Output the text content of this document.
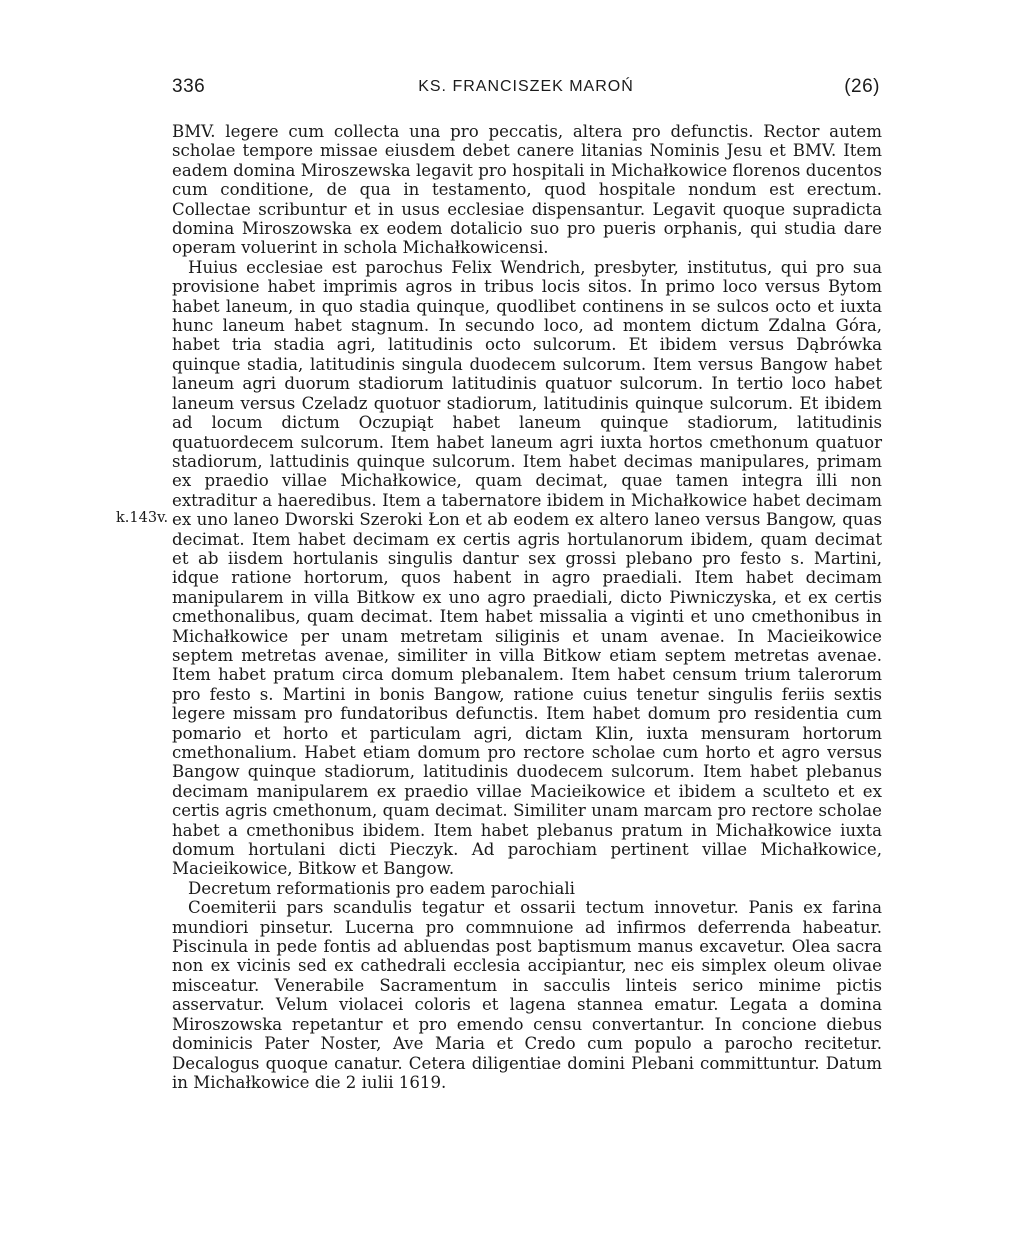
336	KS. FRANCISZEK MAROŃ	(26)
k.143v.

BMV. legere cum collecta una pro peccatis, altera pro defunctis. Rector autem scholae tempore missae eiusdem debet canere litanias Nominis Jesu et BMV. Item eadem domina Miroszewska legavit pro hospitali in Michałkowice florenos ducentos cum conditione, de qua in testamento, quod hospitale nondum est erectum. Collectae scribuntur et in usus ecclesiae dispensantur. Legavit quoque supradicta domina Miroszowska ex eodem dotalicio suo pro pueris orphanis, qui studia dare operam voluerint in schola Michałkowicensi.

Huius ecclesiae est parochus Felix Wendrich, presbyter, institutus, qui pro sua provisione habet imprimis agros in tribus locis sitos. In primo loco versus Bytom habet laneum, in quo stadia quinque, quodlibet continens in se sulcos octo et iuxta hunc laneum habet stagnum. In secundo loco, ad montem dictum Zdalna Góra, habet tria stadia agri, latitudinis octo sulcorum. Et ibidem versus Dąbrówka quinque stadia, latitudinis singula duodecem sulcorum. Item versus Bangow habet laneum agri duorum stadiorum latitudinis quatuor sulcorum. In tertio loco habet laneum versus Czeladz quotuor stadiorum, latitudinis quinque sulcorum. Et ibidem ad locum dictum Oczupiąt habet laneum quinque stadiorum, latitudinis quatuordecem sulcorum. Item habet laneum agri iuxta hortos cmethonum quatuor stadiorum, lattudinis quinque sulcorum. Item habet decimas manipulares, primam ex praedio villae Michałkowice, quam decimat, quae tamen integra illi non extraditur a haeredibus. Item a tabernatore ibidem in Michałkowice habet decimam ex uno laneo Dworski Szeroki Łon et ab eodem ex altero laneo versus Bangow, quas decimat. Item habet decimam ex certis agris hortulanorum ibidem, quam decimat et ab iisdem hortulanis singulis dantur sex grossi plebano pro festo s. Martini, idque ratione hortorum, quos habent in agro praediali. Item habet decimam manipularem in villa Bitkow ex uno agro praediali, dicto Piwniczyska, et ex certis cmethonalibus, quam decimat. Item habet missalia a viginti et uno cmethonibus in Michałkowice per unam metretam siliginis et unam avenae. In Macieikowice septem metretas avenae, similiter in villa Bitkow etiam septem metretas avenae. Item habet pratum circa domum plebanalem. Item habet censum trium talerorum pro festo s. Martini in bonis Bangow, ratione cuius tenetur singulis feriis sextis legere missam pro fundatoribus defunctis. Item habet domum pro residentia cum pomario et horto et particulam agri, dictam Klin, iuxta mensuram hortorum cmethonalium. Habet etiam domum pro rectore scholae cum horto et agro versus Bangow quinque stadiorum, latitudinis duodecem sulcorum. Item habet plebanus decimam manipularem ex praedio villae Macieikowice et ibidem a sculteto et ex certis agris cmethonum, quam decimat. Similiter unam marcam pro rectore scholae habet a cmethonibus ibidem. Item habet plebanus pratum in Michałkowice iuxta domum hortulani dicti Pieczyk. Ad parochiam pertinent villae Michałkowice, Macieikowice, Bitkow et Bangow.

Decretum reformationis pro eadem parochiali

Coemiterii pars scandulis tegatur et ossarii tectum innovetur. Panis ex farina mundiori pinsetur. Lucerna pro commnuione ad infirmos deferrenda habeatur. Piscinula in pede fontis ad abluendas post baptismum manus excavetur. Olea sacra non ex vicinis sed ex cathedrali ecclesia accipiantur, nec eis simplex oleum olivae misceatur. Venerabile Sacramentum in sacculis linteis serico minime pictis asservatur. Velum violacei coloris et lagena stannea ematur. Legata a domina Miroszowska repetantur et pro emendo censu convertantur. In concione diebus dominicis Pater Noster, Ave Maria et Credo cum populo a parocho recitetur. Decalogus quoque canatur. Cetera diligentiae domini Plebani committuntur. Datum in Michałkowice die 2 iulii 1619.
